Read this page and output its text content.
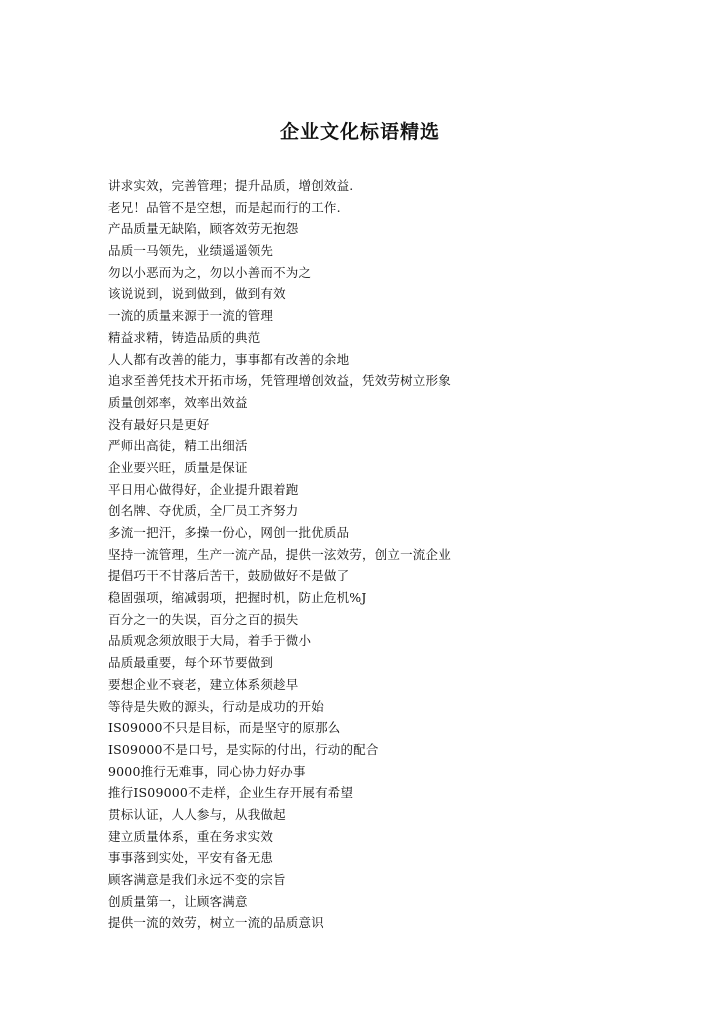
企业文化标语精选
讲求实效，完善管理；提升品质，增创效益.
老兄！品管不是空想，而是起而行的工作.
产品质量无缺陷，顾客效劳无抱怨
品质一马领先，业绩遥遥领先
勿以小恶而为之，勿以小善而不为之
该说说到，说到做到，做到有效
一流的质量来源于一流的管理
精益求精，铸造品质的典范
人人都有改善的能力，事事都有改善的余地
追求至善凭技术开拓市场，凭管理增创效益，凭效劳树立形象
质量创郊率，效率出效益
没有最好只是更好
严师出高徒，精工出细活
企业要兴旺，质量是保证
平日用心做得好，企业提升跟着跑
创名牌、夺优质，全厂员工齐努力
多流一把汗，多操一份心，网创一批优质品
坚持一流管理，生产一流产品，提供一泫效劳，创立一流企业
提倡巧干不甘落后苦干，鼓励做好不是做了
稳固强项，缩减弱项，把握时机，防止危机%J
百分之一的失误，百分之百的损失
品质观念须放眼于大局，着手于微小
品质最重要，每个环节要做到
要想企业不衰老，建立体系须趁早
等待是失败的源头，行动是成功的开始
IS09000不只是目标，而是坚守的原那么
IS09000不是口号，是实际的付出，行动的配合
9000推行无难事，同心协力好办事
推行IS09000不走样，企业生存开展有希望
贯标认证，人人参与，从我做起
建立质量体系，重在务求实效
事事落到实处，平安有备无患
顾客满意是我们永远不变的宗旨
创质量第一，让顾客满意
提供一流的效劳，树立一流的品质意识
